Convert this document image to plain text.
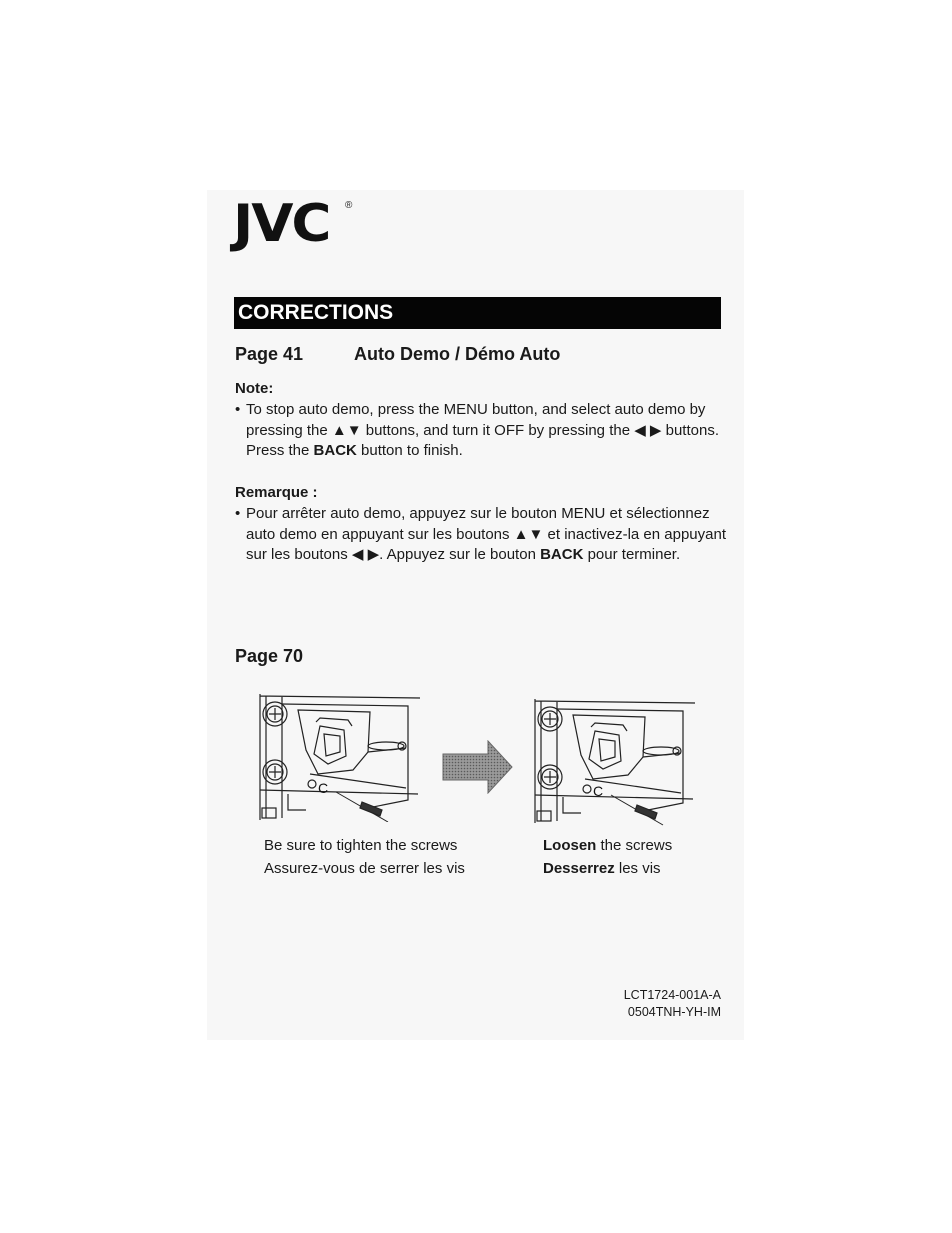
JVC ®
CORRECTIONS
Page 41	Auto Demo / Démo Auto
Note:
• To stop auto demo, press the MENU button, and select auto demo by pressing the ▲▼ buttons, and turn it OFF by pressing the ◀ ▶ buttons. Press the BACK button to finish.
Remarque :
• Pour arrêter auto demo, appuyez sur le bouton MENU et sélectionnez auto demo en appuyant sur les boutons ▲▼ et inactivez-la en appuyant sur les boutons ◀ ▶. Appuyez sur le bouton BACK pour terminer.
Page 70
C	C
Be sure to tighten the screws
Assurez-vous de serrer les vis
Loosen the screws
Desserrez les vis
LCT1724-001A-A
0504TNH-YH-IM
